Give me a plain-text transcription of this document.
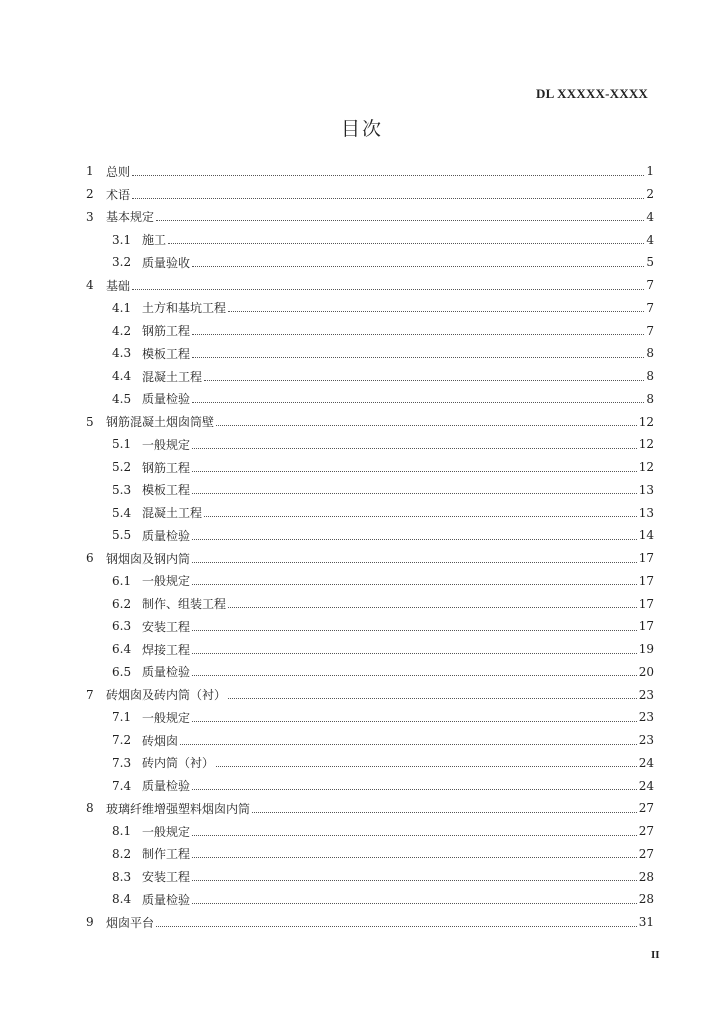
DL XXXXX-XXXX
目次
1	总则	1
2	术语	2
3	基本规定	4
3.1 施工	4
3.2 质量验收	5
4	基础	7
4.1 土方和基坑工程	7
4.2 钢筋工程	7
4.3 模板工程	8
4.4 混凝土工程	8
4.5 质量检验	8
5	钢筋混凝土烟囱筒壁	12
5.1 一般规定	12
5.2 钢筋工程	12
5.3 模板工程	13
5.4 混凝土工程	13
5.5 质量检验	14
6	钢烟囱及钢内筒	17
6.1 一般规定	17
6.2 制作、组装工程	17
6.3 安装工程	17
6.4 焊接工程	19
6.5 质量检验	20
7	砖烟囱及砖内筒（衬）	23
7.1 一般规定	23
7.2 砖烟囱	23
7.3 砖内筒（衬）	24
7.4 质量检验	24
8	玻璃纤维增强塑料烟囱内筒	27
8.1 一般规定	27
8.2 制作工程	27
8.3 安装工程	28
8.4 质量检验	28
9	烟囱平台	31
II
